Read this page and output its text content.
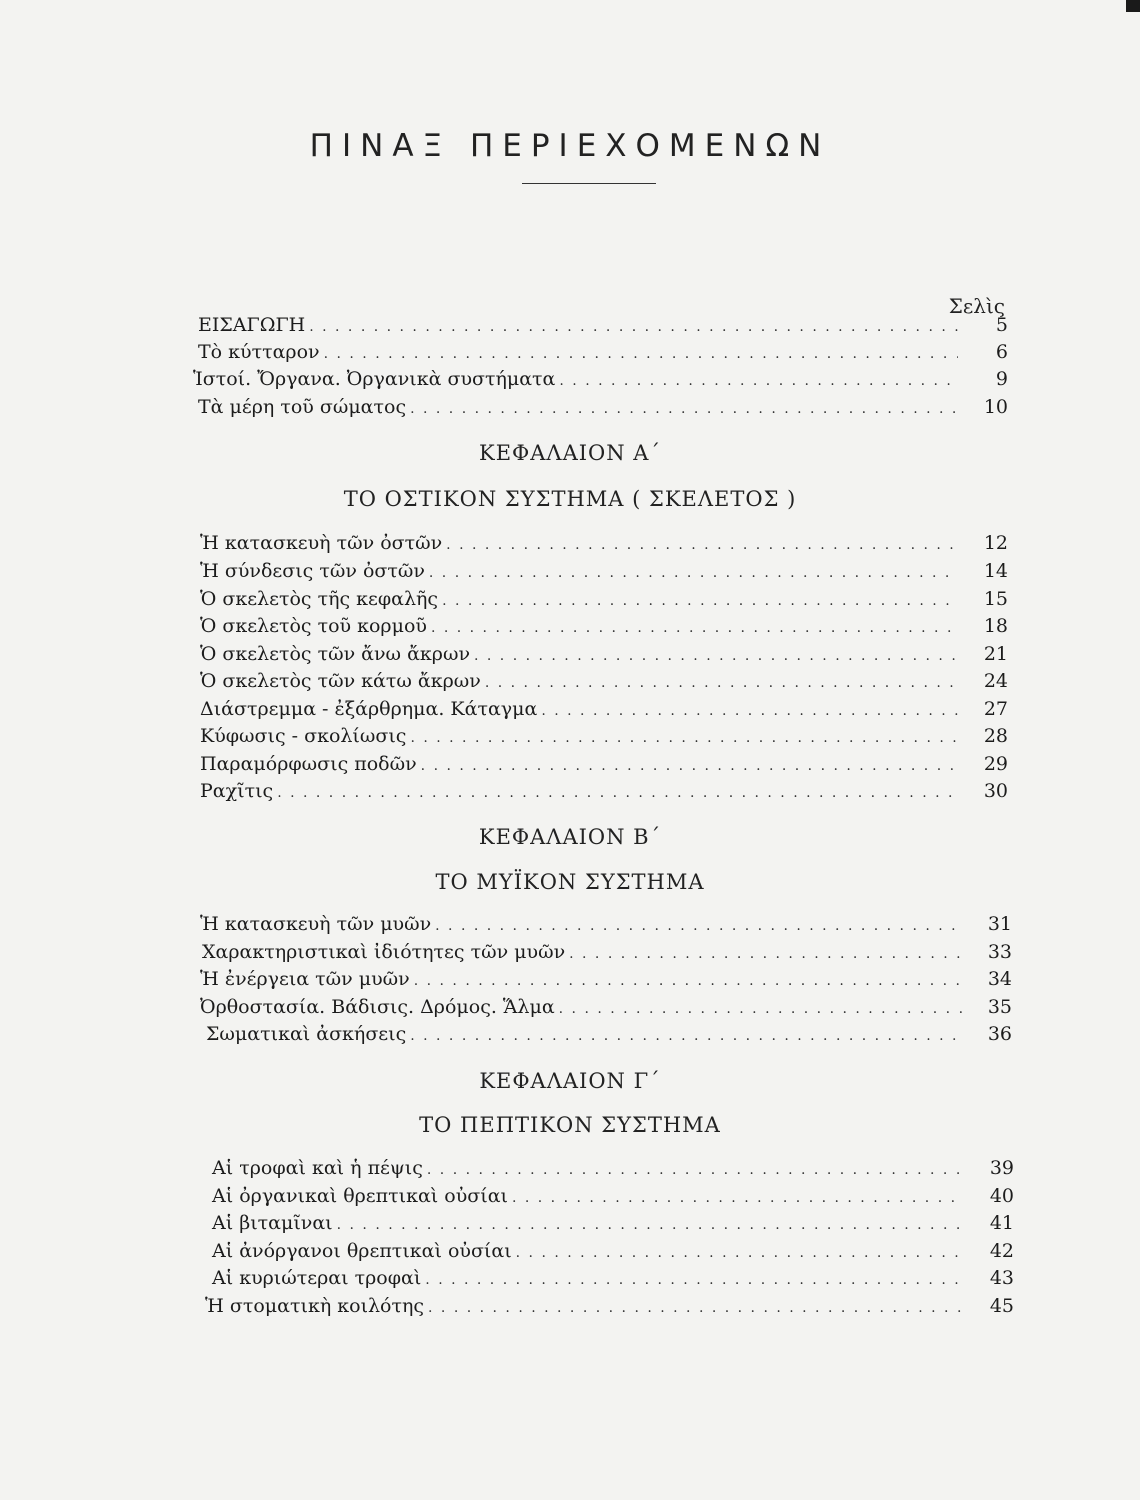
ΠΙΝΑΞ ΠΕΡΙΕΧΟΜΕΝΩΝ
Σελὶς
ΕΙΣΑΓΩΓΗ . . .	5
Τὸ κύτταρον . . .	6
Ἱστοί. Ὄργανα. Ὀργανικὰ συστήματα . . .	9
Τὰ μέρη τοῦ σώματος . . .	10
ΚΕΦΑΛΑΙΟΝ Α΄
ΤΟ ΟΣΤΙΚΟΝ ΣΥΣΤΗΜΑ ( ΣΚΕΛΕΤΟΣ )
Ἡ κατασκευὴ τῶν ὀστῶν . . .	12
Ἡ σύνδεσις τῶν ὀστῶν . . .	14
Ὁ σκελετὸς τῆς κεφαλῆς . . .	15
Ὁ σκελετὸς τοῦ κορμοῦ . . .	18
Ὁ σκελετὸς τῶν ἄνω ἄκρων . . .	21
Ὁ σκελετὸς τῶν κάτω ἄκρων . . .	24
Διάστρεμμα - ἐξάρθρημα. Κάταγμα . . .	27
Κύφωσις - σκολίωσις . . .	28
Παραμόρφωσις ποδῶν . . .	29
Ραχῖτις . . .	30
ΚΕΦΑΛΑΙΟΝ Β΄
ΤΟ ΜΥΪΚΟΝ ΣΥΣΤΗΜΑ
Ἡ κατασκευὴ τῶν μυῶν . . .	31
Χαρακτηριστικαὶ ἰδιότητες τῶν μυῶν . . .	33
Ἡ ἐνέργεια τῶν μυῶν . . .	34
Ὀρθοστασία. Βάδισις. Δρόμος. Ἅλμα . . .	35
Σωματικαὶ ἀσκήσεις . . .	36
ΚΕΦΑΛΑΙΟΝ Γ΄
ΤΟ ΠΕΠΤΙΚΟΝ ΣΥΣΤΗΜΑ
Αἱ τροφαὶ καὶ ἡ πέψις . . .	39
Αἱ ὀργανικαὶ θρεπτικαὶ οὐσίαι . . .	40
Αἱ βιταμῖναι . . .	41
Αἱ ἀνόργανοι θρεπτικαὶ οὐσίαι . . .	42
Αἱ κυριώτεραι τροφαὶ . . .	43
Ἡ στοματικὴ κοιλότης . . .	45
